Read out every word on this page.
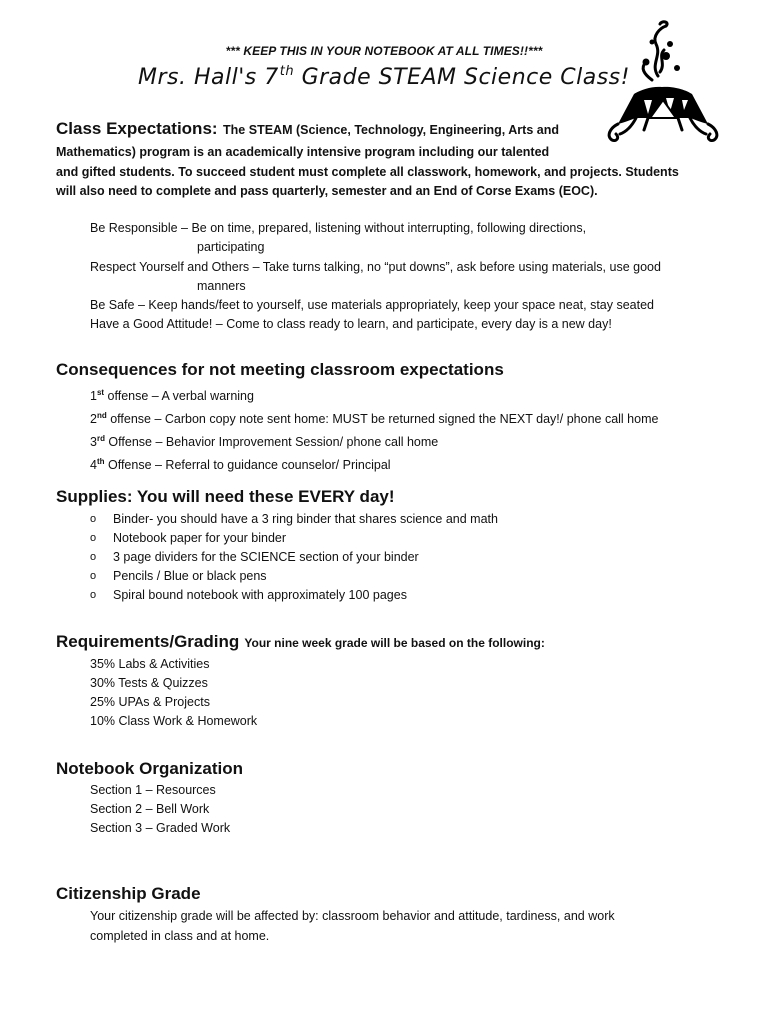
*** KEEP THIS IN YOUR NOTEBOOK AT ALL TIMES!!***
Mrs. Hall's 7th Grade STEAM Science Class!
Class Expectations: The STEAM (Science, Technology, Engineering, Arts and
Mathematics) program is an academically intensive program including our talented
and gifted students. To succeed student must complete all classwork, homework, and projects. Students
will also need to complete and pass quarterly, semester and an End of Corse Exams (EOC).
Be Responsible – Be on time, prepared, listening without interrupting, following directions,
participating
Respect Yourself and Others – Take turns talking, no “put downs”, ask before using materials, use good
manners
Be Safe – Keep hands/feet to yourself, use materials appropriately, keep your space neat, stay seated
Have a Good Attitude! – Come to class ready to learn, and participate, every day is a new day!
Consequences for not meeting classroom expectations
1st offense – A verbal warning
2nd offense – Carbon copy note sent home: MUST be returned signed the NEXT day!/ phone call home
3rd Offense – Behavior Improvement Session/ phone call home
4th Offense – Referral to guidance counselor/ Principal
Supplies: You will need these EVERY day!
o Binder- you should have a 3 ring binder that shares science and math
o Notebook paper for your binder
o 3 page dividers for the SCIENCE section of your binder
o Pencils / Blue or black pens
o Spiral bound notebook with approximately 100 pages
Requirements/Grading Your nine week grade will be based on the following:
35% Labs & Activities
30% Tests & Quizzes
25% UPAs & Projects
10% Class Work & Homework
Notebook Organization
Section 1 – Resources
Section 2 – Bell Work
Section 3 – Graded Work
Citizenship Grade
Your citizenship grade will be affected by: classroom behavior and attitude, tardiness, and work
completed in class and at home.
